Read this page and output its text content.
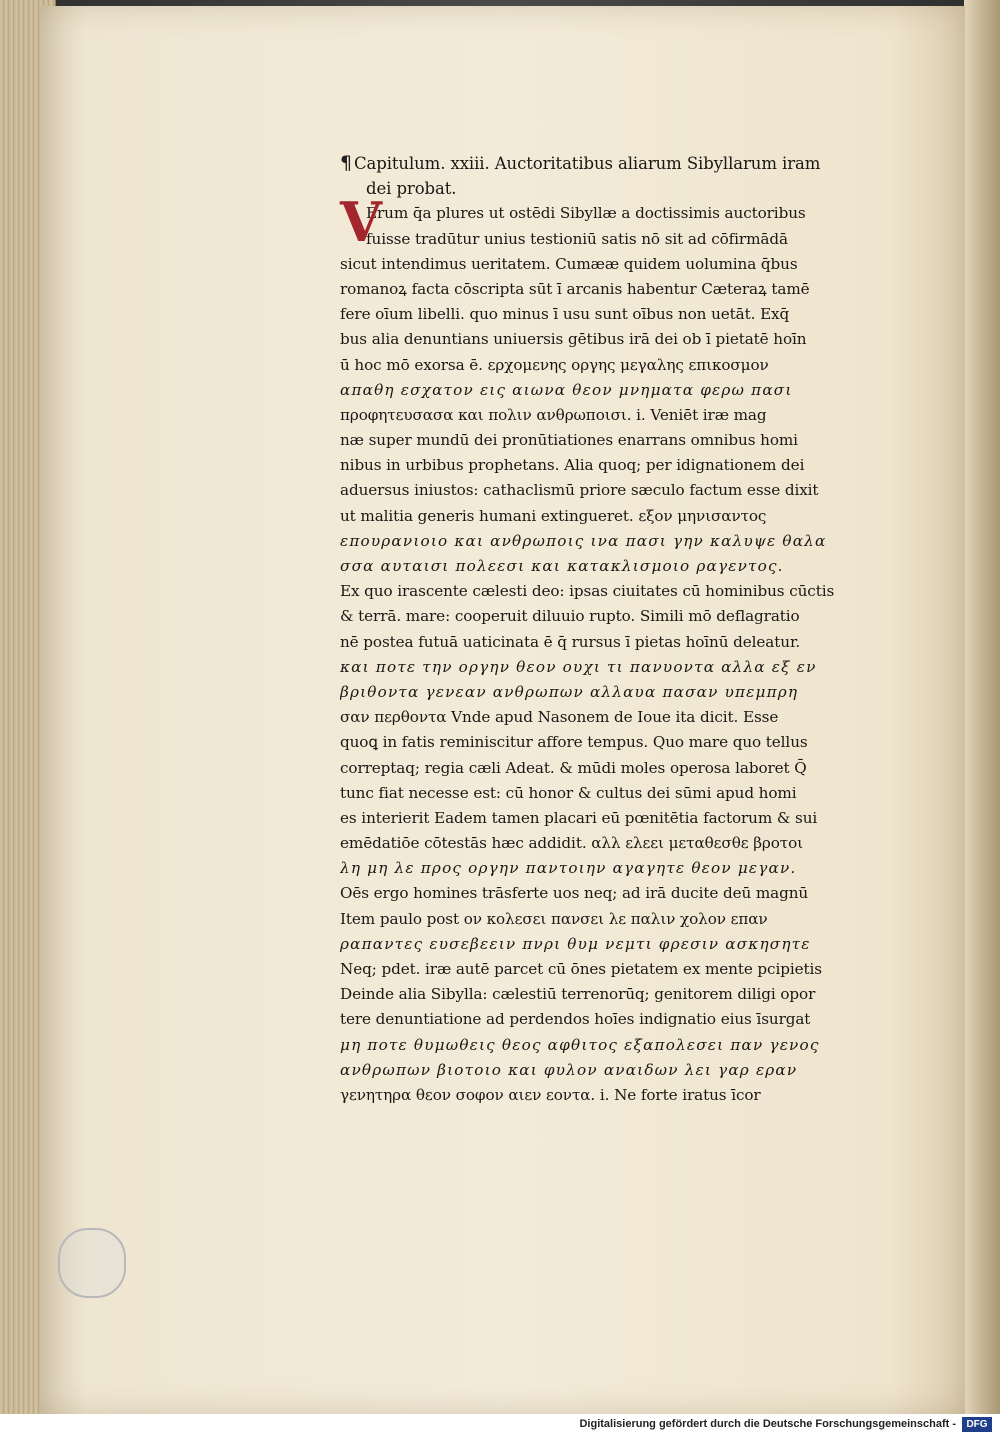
¶ Capitulum. xxiii. Auctoritatibus aliarum Sibyllarum iram
dei probat.
V
Erum q̄a plures ut ostēdi Sibyllæ a doctissimis auctoribus
fuisse tradūtur unius testioniū satis nō sit ad cōfirmādā
sicut intendimus ueritatem. Cumææ quidem uolumina q̄bus
romanoꝝ facta cōscripta sūt ī arcanis habentur Cæteraꝝ tamē
fere oīum libelli. quo minus ī usu sunt oībus non uetāt. Exq̄
bus alia denuntians uniuersis gētibus irā dei ob ī pietatē hoīn
ū hoc mō exorsa ē. ερχομενης οργης μεγαλης επικοσμον
απαθη εσχατον εις αιωνα θεον μνηματα φερω πασι
προφητευσασα και πολιν ανθρωποισι. i. Veniēt iræ mag
næ super mundū dei pronūtiationes enarrans omnibus homi
nibus in urbibus prophetans. Alia quoq; per idignationem dei
aduersus iniustos: cathaclismū priore sæculo factum esse dixit
ut malitia generis humani extingueret. εξον μηνισαντος
επουρανιοιο και ανθρωποις ινα πασι γην καλυψε θαλα
σσα αυταισι πολεεσι και κατακλισμοιο ραγεντος.
Ex quo irascente cælesti deo: ipsas ciuitates cū hominibus cūctis
& terrā. mare: cooperuit diluuio rupto. Simili mō deflagratio
nē postea futuā uaticinata ē q̄ rursus ī pietas hoīnū deleatur.
και ποτε την οργην θεον ουχι τι πανυοντα αλλα εξ εν
βριθοντα γενεαν ανθρωπων αλλαυα πασαν υπεμπρη
σαν περθοντα Vnde apud Nasonem de Ioue ita dicit. Esse
quoꝗ in fatis reminiscitur affore tempus. Quo mare quo tellus
correptaq; regia cæli Adeat. & mūdi moles operosa laboret Q̄
tunc fiat necesse est: cū honor & cultus dei sūmi apud homi
es interierit Eadem tamen placari eū pœnitētia factorum & sui
emēdatiōe cōtestās hæc addidit. αλλ ελεει μεταθεσθε βροτοι
λη μη λε προς οργην παντοιην αγαγητε θεον μεγαν.
Oēs ergo homines trāsferte uos neq; ad irā ducite deū magnū
Item paulo post ον κολεσει πανσει λε παλιν χολον επαν
ραπαντες ευσεβεειν πνρι θυμ νεμτι φρεσιν ασκησητε
Neq; pdet. iræ autē parcet cū ōnes pietatem ex mente pcipietis
Deinde alia Sibylla: cælestiū terrenorūq; genitorem diligi opor
tere denuntiatione ad perdendos hoīes indignatio eius īsurgat
μη ποτε θυμωθεις θεος αφθιτος εξαπολεσει παν γενος
ανθρωπων βιοτοιο και φυλον αναιδων λει γαρ εραν
γενητηρα θεον σοφον αιεν εοντα. i. Ne forte iratus īcor
Digitalisierung gefördert durch die Deutsche Forschungsgemeinschaft -	DFG
